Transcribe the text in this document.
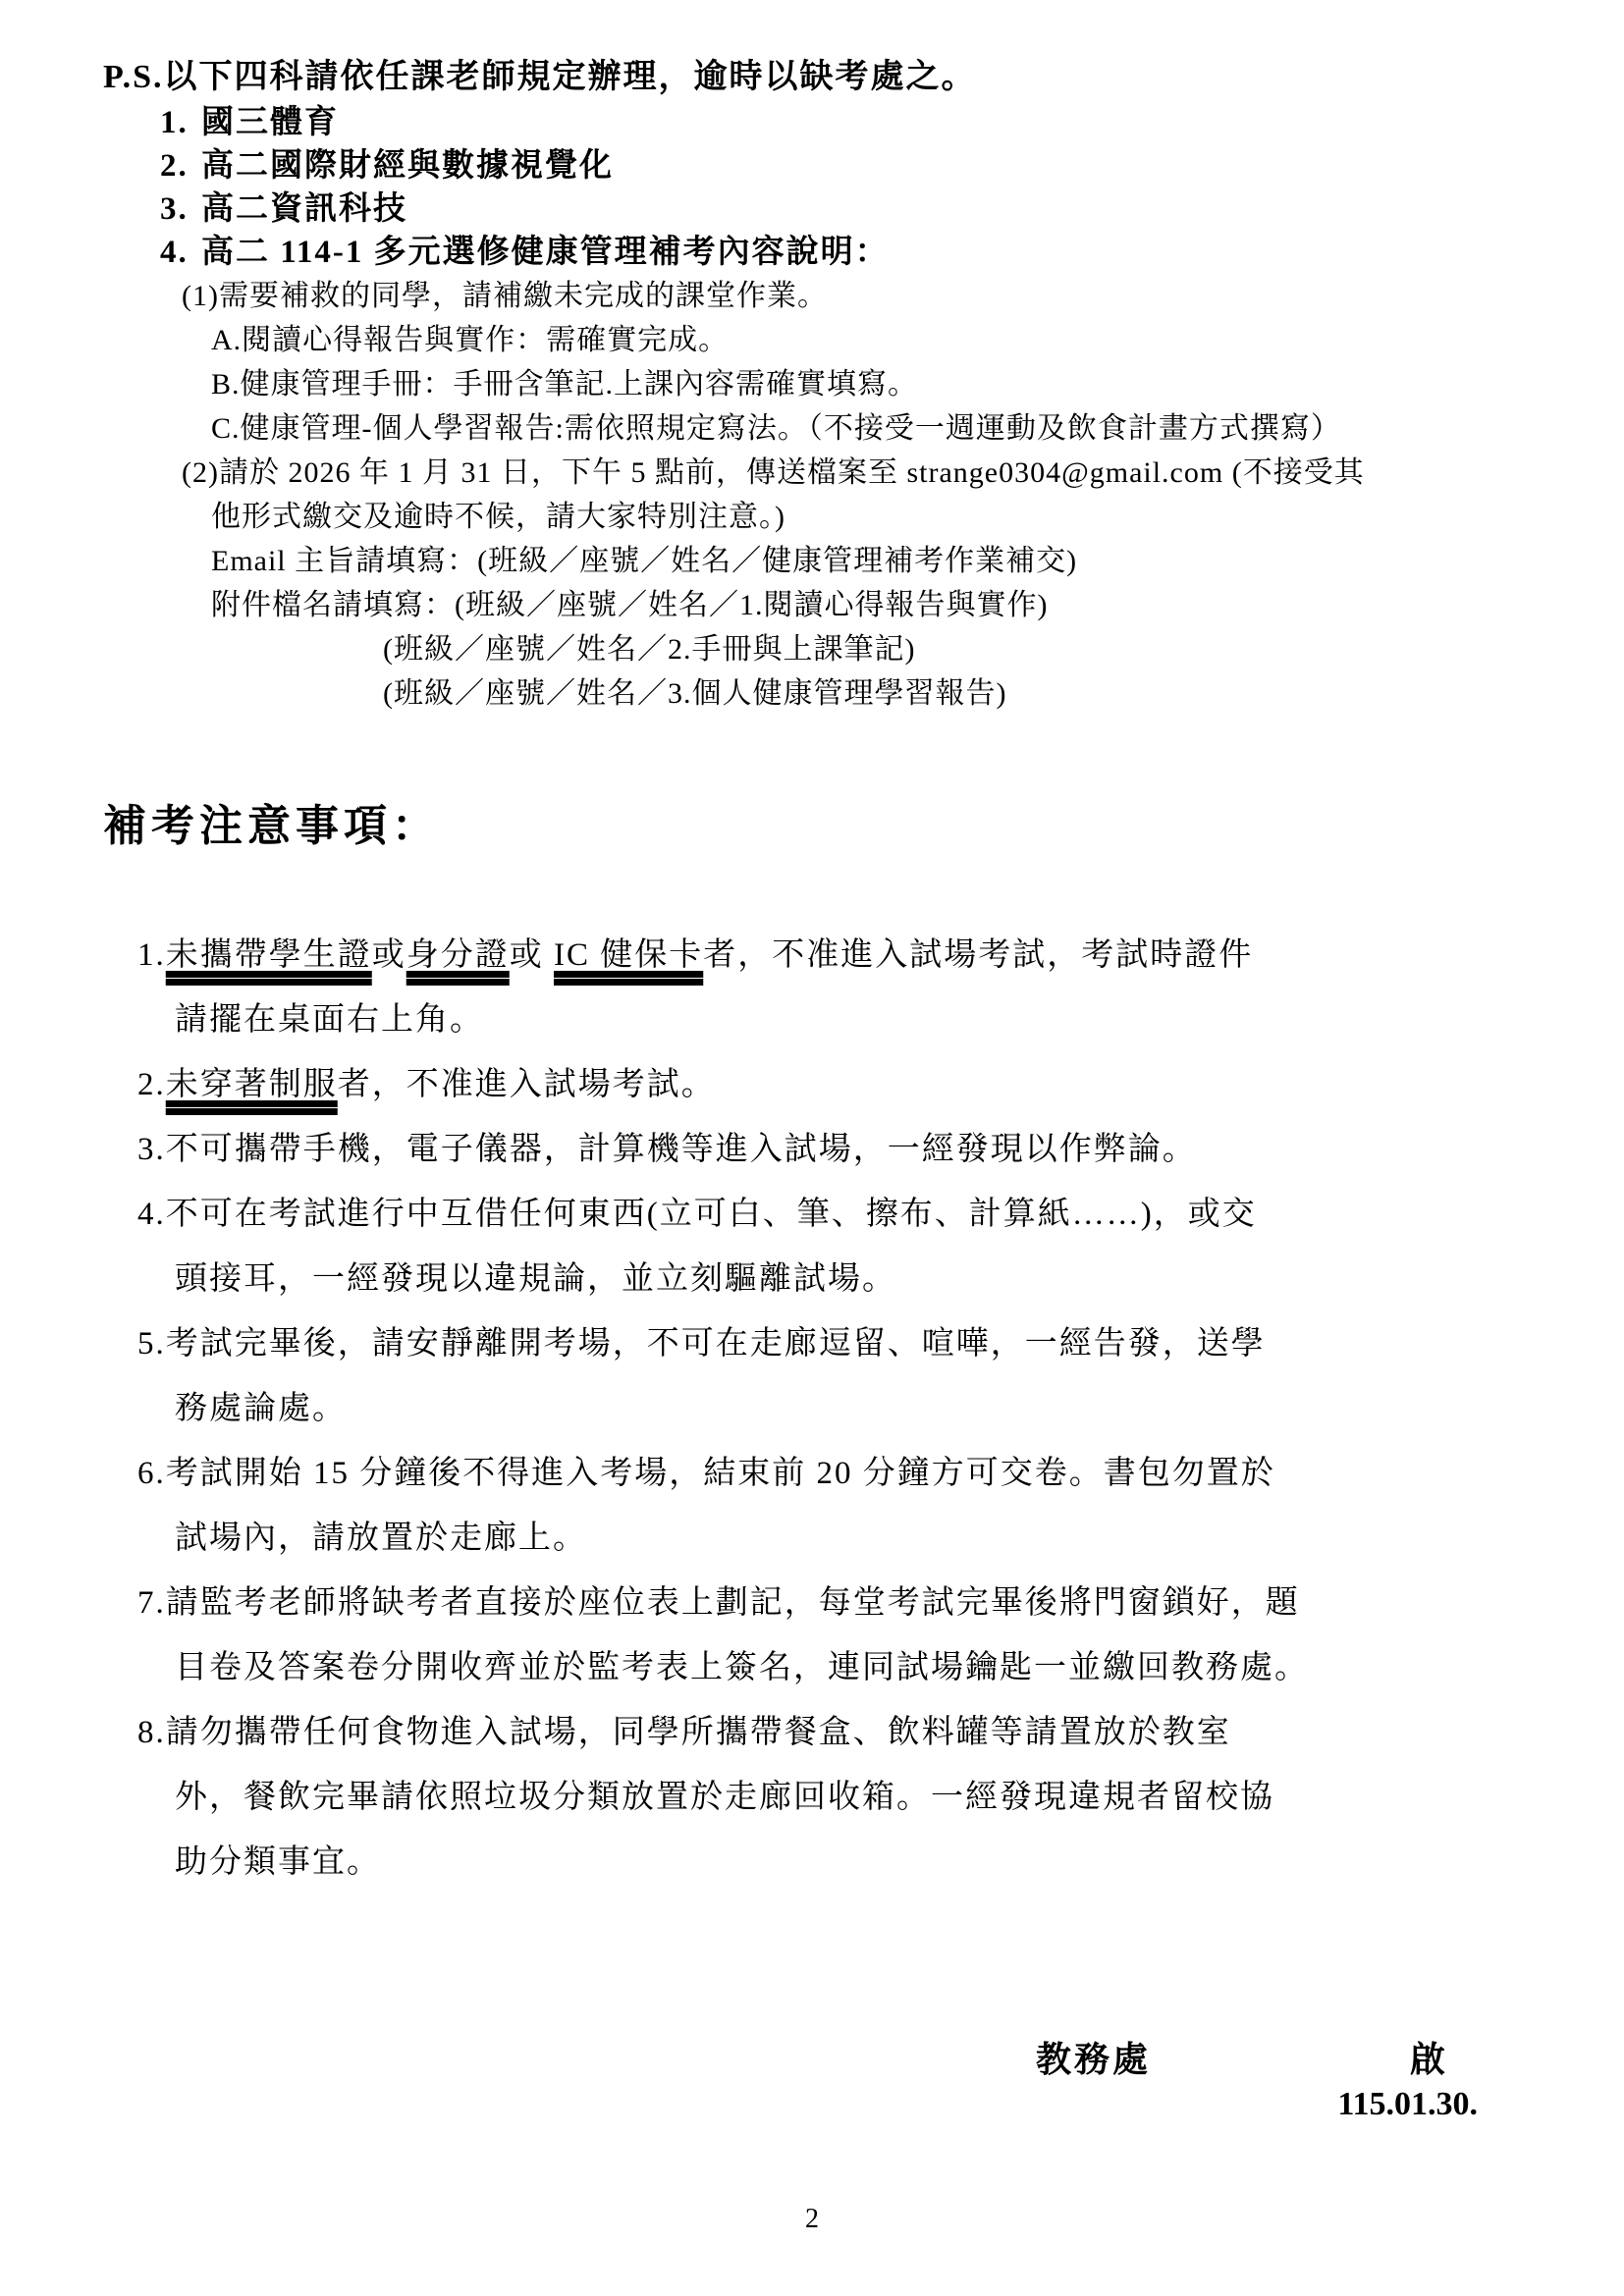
P.S.以下四科請依任課老師規定辦理，逾時以缺考處之。
1. 國三體育
2. 高二國際財經與數據視覺化
3. 高二資訊科技
4. 高二 114-1 多元選修健康管理補考內容說明：
(1)需要補救的同學，請補繳未完成的課堂作業。
A.閱讀心得報告與實作：需確實完成。
B.健康管理手冊：手冊含筆記.上課內容需確實填寫。
C.健康管理-個人學習報告:需依照規定寫法。（不接受一週運動及飲食計畫方式撰寫）
(2)請於 2026 年 1 月 31 日，下午 5 點前，傳送檔案至 strange0304@gmail.com (不接受其
他形式繳交及逾時不候，請大家特別注意。)
Email 主旨請填寫：(班級／座號／姓名／健康管理補考作業補交)
附件檔名請填寫：(班級／座號／姓名／1.閱讀心得報告與實作)
(班級／座號／姓名／2.手冊與上課筆記)
(班級／座號／姓名／3.個人健康管理學習報告)
補考注意事項：
1.未攜帶學生證或身分證或 IC 健保卡者，不准進入試場考試，考試時證件
請擺在桌面右上角。
2.未穿著制服者，不准進入試場考試。
3.不可攜帶手機，電子儀器，計算機等進入試場，一經發現以作弊論。
4.不可在考試進行中互借任何東西(立可白、筆、擦布、計算紙……)，或交
頭接耳，一經發現以違規論，並立刻驅離試場。
5.考試完畢後，請安靜離開考場，不可在走廊逗留、喧嘩，一經告發，送學
務處論處。
6.考試開始 15 分鐘後不得進入考場，結束前 20 分鐘方可交卷。書包勿置於
試場內，請放置於走廊上。
7.請監考老師將缺考者直接於座位表上劃記，每堂考試完畢後將門窗鎖好，題
目卷及答案卷分開收齊並於監考表上簽名，連同試場鑰匙一並繳回教務處。
8.請勿攜帶任何食物進入試場，同學所攜帶餐盒、飲料罐等請置放於教室
外，餐飲完畢請依照垃圾分類放置於走廊回收箱。一經發現違規者留校協
助分類事宜。
教務處	啟
115.01.30.
2
